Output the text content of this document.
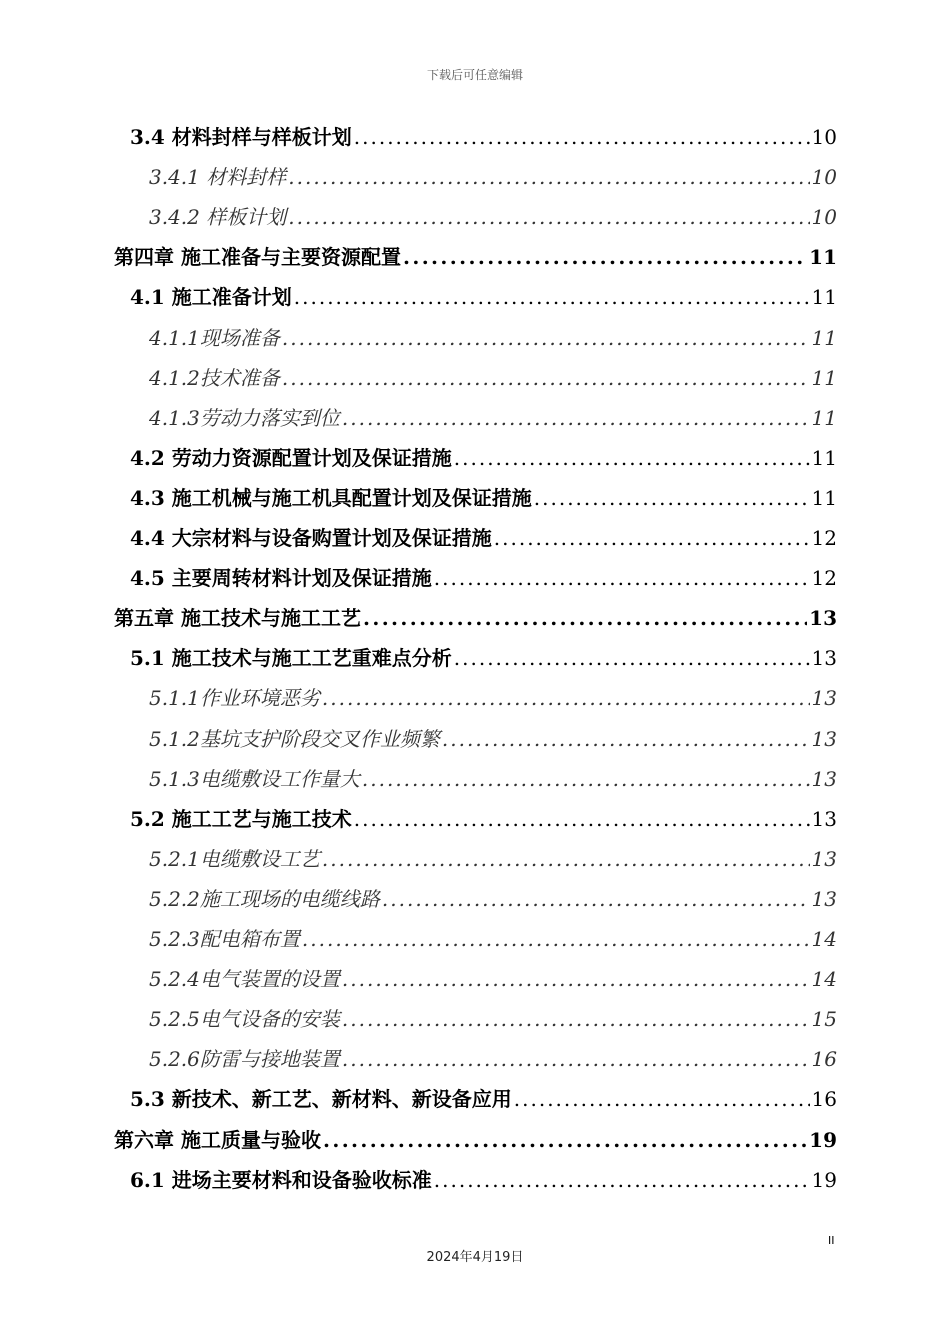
下载后可任意编辑
3.4 材料封样与样板计划 .....	10
3.4.1 材料封样 .....	10
3.4.2 样板计划 .....	10
第四章 施工准备与主要资源配置 .....	11
4.1 施工准备计划 .....	11
4.1.1现场准备 .....	11
4.1.2技术准备 .....	11
4.1.3劳动力落实到位 .....	11
4.2 劳动力资源配置计划及保证措施 .....	11
4.3 施工机械与施工机具配置计划及保证措施 .....	11
4.4 大宗材料与设备购置计划及保证措施 .....	12
4.5 主要周转材料计划及保证措施 .....	12
第五章 施工技术与施工工艺 .....	13
5.1 施工技术与施工工艺重难点分析 .....	13
5.1.1作业环境恶劣 .....	13
5.1.2基坑支护阶段交叉作业频繁 .....	13
5.1.3电缆敷设工作量大 .....	13
5.2 施工工艺与施工技术 .....	13
5.2.1电缆敷设工艺 .....	13
5.2.2施工现场的电缆线路 .....	13
5.2.3配电箱布置 .....	14
5.2.4电气装置的设置 .....	14
5.2.5电气设备的安装 .....	15
5.2.6防雷与接地装置 .....	16
5.3 新技术、新工艺、新材料、新设备应用 .....	16
第六章 施工质量与验收 .....	19
6.1 进场主要材料和设备验收标准 .....	19
II
2024年4月19日
